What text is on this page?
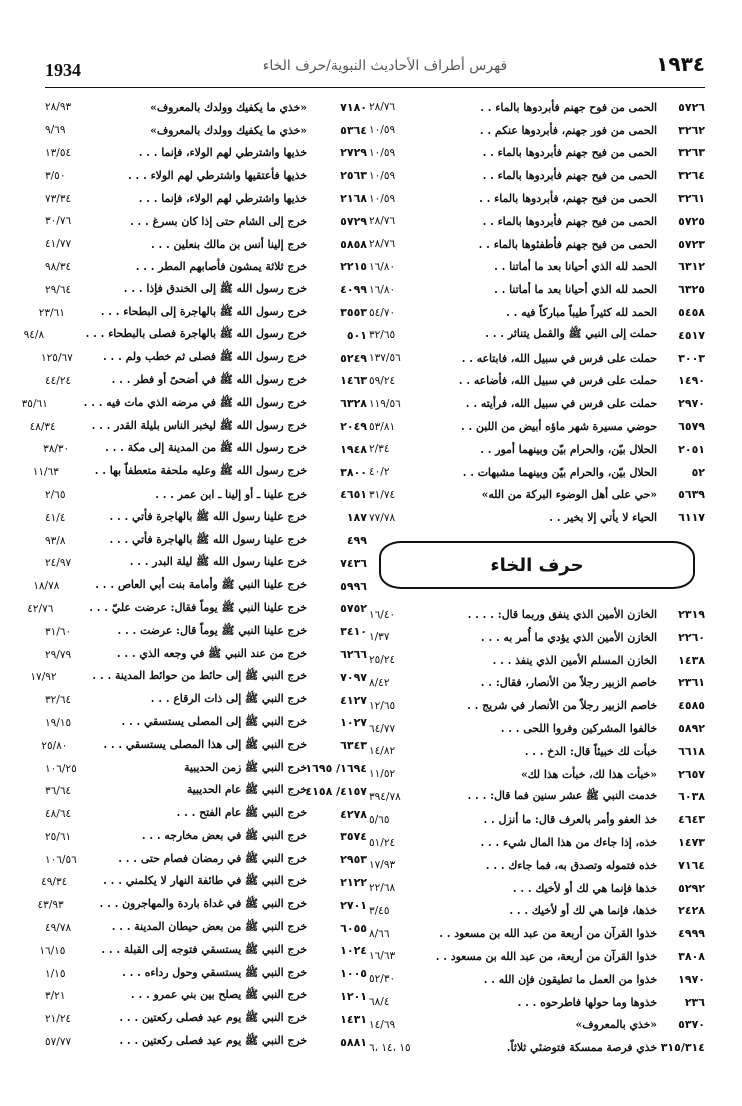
1934	فهرس أطراف الأحاديث النبوية/حرف الخاء	١٩٣٤
٥٧٢٦
الحمى من فوح جهنم فأبردوها بالماء . .
٢٨/٧٦
٣٢٦٢
الحمى من فور جهنم، فأبردوها عنكم . .
١٠/٥٩
٣٢٦٣
الحمى من فيح جهنم فأبردوها بالماء . .
١٠/٥٩
٣٢٦٤
الحمى من فيح جهنم فأبردوها بالماء . .
١٠/٥٩
٣٢٦١
الحمى من فيح جهنم، فأبردوها بالماء . .
١٠/٥٩
٥٧٢٥
الحمى من فيح جهنم فأبردوها بالماء . .
٢٨/٧٦
٥٧٢٣
الحمى من فيح جهنم فأطفئوها بالماء . .
٢٨/٧٦
٦٣١٢
الحمد لله الذي أحيانا بعد ما أماتنا . .
١٦/٨٠
٦٣٢٥
الحمد لله الذي أحيانا بعد ما أماتنا . .
١٦/٨٠
٥٤٥٨
الحمد لله كثيراً طيباً مباركاً فيه . .
٥٤/٧٠
٤٥١٧
حملت إلى النبي ﷺ والقمل يتناثر . . .
٣٢/٦٥
٣٠٠٣
حملت على فرس في سبيل الله، فابتاعه . .
١٣٧/٥٦
١٤٩٠
حملت على فرس في سبيل الله، فأضاعه . .
٥٩/٢٤
٢٩٧٠
حملت على فرس في سبيل الله، فرأيته . .
١١٩/٥٦
٦٥٧٩
حوضي مسيرة شهر ماؤه أبيض من اللبن . .
٥٣/٨١
٢٠٥١
الحلال بيّن، والحرام بيّن وبينهما أمور . .
٢/٣٤
٥٢
الحلال بيّن، والحرام بيّن وبينهما مشبهات . .
٤٠/٢
٥٦٣٩
«حي على أهل الوضوء البركة من الله»
٣١/٧٤
٦١١٧
الحياء لا يأتي إلا بخير . .
٧٧/٧٨
حرف الخاء
٢٣١٩
الخازن الأمين الذي ينفق وربما قال: . . . .
١٦/٤٠
٢٢٦٠
الخازن الأمين الذي يؤدي ما أُمر به . . .
١/٣٧
١٤٣٨
الخازن المسلم الأمين الذي ينفذ . . .
٢٥/٢٤
٢٣٦١
خاصم الزبير رجلاً من الأنصار، فقال: . .
٨/٤٢
٤٥٨٥
خاصم الزبير رجلاً من الأنصار في شريج . .
١٢/٦٥
٥٨٩٢
خالفوا المشركين وفروا اللحى . . .
٦٤/٧٧
٦٦١٨
خبأت لك خبيئاً قال: الدخ . . .
١٤/٨٢
٢٦٥٧
«خبأت هذا لك، خبأت هذا لك»
١١/٥٢
٦٠٣٨
خدمت النبي ﷺ عشر سنين فما قال: . . .
٣٩٤/٧٨
٤٦٤٣
خذ العفو وأمر بالعرف قال: ما أنزل . .
٥/٦٥
١٤٧٣
خذه، إذا جاءك من هذا المال شيء . . .
٥١/٢٤
٧١٦٤
خذه فتموله وتصدق به، فما جاءك . . .
١٧/٩٣
٥٢٩٢
خذها فإنما هي لك أو لأخيك . . .
٢٢/٦٨
٢٤٢٨
خذها، فإنما هي لك أو لأخيك . . .
٣/٤٥
٤٩٩٩
خذوا القرآن من أربعة من عبد الله بن مسعود . .
٨/٦٦
٣٨٠٨
خذوا القرآن من أربعة، من عبد الله بن مسعود . .
١٦/٦٣
١٩٧٠
خذوا من العمل ما تطيقون فإن الله . .
٥٢/٣٠
٢٣٦
خذوها وما حولها فاطرحوه . . .
٦٨/٤
٥٣٧٠
«خذي بالمعروف»
١٤/٦٩
٣١٥/٣١٤
خذي فرصة ممسكة فتوضئي ثلاثاً.
١٥ ،١٤ ،٦
٧١٨٠
«خذي ما يكفيك وولدك بالمعروف»
٢٨/٩٣
٥٣٦٤
«خذي ما يكفيك وولدك بالمعروف»
٩/٦٩
٢٧٢٩
خذيها واشترطي لهم الولاء، فإنما . . .
١٣/٥٤
٢٥٦٣
خذيها فأعتقيها واشترطي لهم الولاء . . .
٣/٥٠
٢١٦٨
خذيها واشترطي لهم الولاء، فإنما . . .
٧٣/٣٤
٥٧٢٩
خرج إلى الشام حتى إذا كان بسرغ . . .
٣٠/٧٦
٥٨٥٨
خرج إلينا أنس بن مالك بنعلين . . .
٤١/٧٧
٢٢١٥
خرج ثلاثة يمشون فأصابهم المطر . . .
٩٨/٣٤
٤٠٩٩
خرج رسول الله ﷺ إلى الخندق فإذا . . .
٢٩/٦٤
٣٥٥٣
خرج رسول الله ﷺ بالهاجرة إلى البطحاء . . .
٢٣/٦١
٥٠١
خرج رسول الله ﷺ بالهاجرة فصلى بالبطحاء . . .
٩٤/٨
٥٢٤٩
خرج رسول الله ﷺ فصلى ثم خطب ولم . . .
١٢٥/٦٧
١٤٦٣
خرج رسول الله ﷺ في أضحىً أو فطر . . .
٤٤/٢٤
٦٣٢٨
خرج رسول الله ﷺ في مرضه الذي مات فيه . . .
٣٥/٦١
٢٠٤٩
خرج رسول الله ﷺ ليخبر الناس بليلة القدر . . .
٤٨/٣٤
١٩٤٨
خرج رسول الله ﷺ من المدينة إلى مكة . . .
٣٨/٣٠
٣٨٠٠
خرج رسول الله ﷺ وعليه ملحفة متعطفاً بها . .
١١/٦٣
٤٦٥١
خرج علينا ـ أو إلينا ـ ابن عمر . . .
٢/٦٥
١٨٧
خرج علينا رسول الله ﷺ بالهاجرة فأتي . . .
٤١/٤
٤٩٩
خرج علينا رسول الله ﷺ بالهاجرة فأتي . . .
٩٣/٨
٧٤٣٦
خرج علينا رسول الله ﷺ ليلة البدر . . .
٢٤/٩٧
٥٩٩٦
خرج علينا النبي ﷺ وأمامة بنت أبي العاص . . .
١٨/٧٨
٥٧٥٢
خرج علينا النبي ﷺ يوماً فقال: عرضت عليّ . . .
٤٢/٧٦
٣٤١٠
خرج علينا النبي ﷺ يوماً قال: عرضت . . .
٣١/٦٠
٦٢٦٦
خرج من عند النبي ﷺ في وجعه الذي . . .
٢٩/٧٩
٧٠٩٧
خرج النبي ﷺ إلى حائط من حوائط المدينة . . .
١٧/٩٢
٤١٢٧
خرج النبي ﷺ إلى ذات الرقاع . . .
٣٢/٦٤
١٠٢٧
خرج النبي ﷺ إلى المصلى يستسقي . . .
١٩/١٥
٦٣٤٣
خرج النبي ﷺ إلى هذا المصلى يستسقي . . .
٢٥/٨٠
١٦٩٤/ ١٦٩٥
خرج النبي ﷺ زمن الحديبية
١٠٦/٢٥
٤١٥٧/ ٤١٥٨
خرج النبي ﷺ عام الحديبية
٣٦/٦٤
٤٢٧٨
خرج النبي ﷺ عام الفتح . . .
٤٨/٦٤
٣٥٧٤
خرج النبي ﷺ في بعض مخارجه . . .
٢٥/٦١
٢٩٥٣
خرج النبي ﷺ في رمضان فصام حتى . . .
١٠٦/٥٦
٢١٢٢
خرج النبي ﷺ في طائفة النهار لا يكلمني . . .
٤٩/٣٤
٢٧٠١
خرج النبي ﷺ في غداة باردة والمهاجرون . . .
٤٣/٩٣
٦٠٥٥
خرج النبي ﷺ من بعض حيطان المدينة . . .
٤٩/٧٨
١٠٢٤
خرج النبي ﷺ يستسقي فتوجه إلى القبلة . . .
١٦/١٥
١٠٠٥
خرج النبي ﷺ يستسقي وحول رداءه . . .
١/١٥
١٢٠١
خرج النبي ﷺ يصلح بين بني عمرو . . .
٣/٢١
١٤٣١
خرج النبي ﷺ يوم عيد فصلى ركعتين . . .
٢١/٢٤
٥٨٨١
خرج النبي ﷺ يوم عيد فصلى ركعتين . . .
٥٧/٧٧
